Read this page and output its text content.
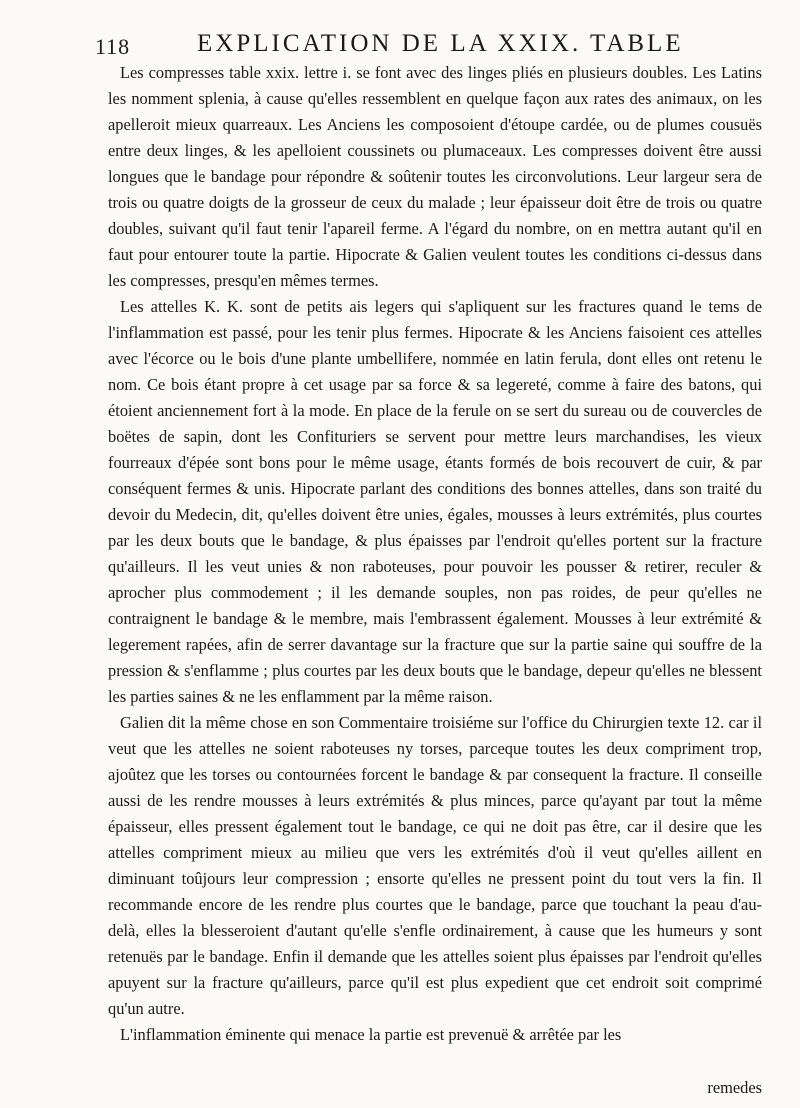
118	EXPLICATION DE LA XXIX. TABLE

Les compresses table xxix. lettre i. se font avec des linges pliés en plusieurs doubles. Les Latins les nomment splenia, à cause qu'elles ressemblent en quelque façon aux rates des animaux, on les apelleroit mieux quarreaux. Les Anciens les composoient d'étoupe cardée, ou de plumes cousuës entre deux linges, & les apelloient coussinets ou plumaceaux. Les compresses doivent être aussi longues que le bandage pour répondre & soûtenir toutes les circonvolutions. Leur largeur sera de trois ou quatre doigts de la grosseur de ceux du malade ; leur épaisseur doit être de trois ou quatre doubles, suivant qu'il faut tenir l'apareil ferme. A l'égard du nombre, on en mettra autant qu'il en faut pour entourer toute la partie. Hipocrate & Galien veulent toutes les conditions ci-dessus dans les compresses, presqu'en mêmes termes.

Les attelles K. K. sont de petits ais legers qui s'apliquent sur les fractures quand le tems de l'inflammation est passé, pour les tenir plus fermes. Hipocrate & les Anciens faisoient ces attelles avec l'écorce ou le bois d'une plante umbellifere, nommée en latin ferula, dont elles ont retenu le nom. Ce bois étant propre à cet usage par sa force & sa legereté, comme à faire des batons, qui étoient anciennement fort à la mode. En place de la ferule on se sert du sureau ou de couvercles de boëtes de sapin, dont les Confituriers se servent pour mettre leurs marchandises, les vieux fourreaux d'épée sont bons pour le même usage, étants formés de bois recouvert de cuir, & par conséquent fermes & unis. Hipocrate parlant des conditions des bonnes attelles, dans son traité du devoir du Medecin, dit, qu'elles doivent être unies, égales, mousses à leurs extrémités, plus courtes par les deux bouts que le bandage, & plus épaisses par l'endroit qu'elles portent sur la fracture qu'ailleurs. Il les veut unies & non raboteuses, pour pouvoir les pousser & retirer, reculer & aprocher plus commodement ; il les demande souples, non pas roides, de peur qu'elles ne contraignent le bandage & le membre, mais l'embrassent également. Mousses à leur extrémité & legerement rapées, afin de serrer davantage sur la fracture que sur la partie saine qui souffre de la pression & s'enflamme ; plus courtes par les deux bouts que le bandage, depeur qu'elles ne blessent les parties saines & ne les enflamment par la même raison.

Galien dit la même chose en son Commentaire troisiéme sur l'office du Chirurgien texte 12. car il veut que les attelles ne soient raboteuses ny torses, parceque toutes les deux compriment trop, ajoûtez que les torses ou contournées forcent le bandage & par consequent la fracture. Il conseille aussi de les rendre mousses à leurs extrémités & plus minces, parce qu'ayant par tout la même épaisseur, elles pressent également tout le bandage, ce qui ne doit pas être, car il desire que les attelles compriment mieux au milieu que vers les extrémités d'où il veut qu'elles aillent en diminuant toûjours leur compression ; ensorte qu'elles ne pressent point du tout vers la fin. Il recommande encore de les rendre plus courtes que le bandage, parce que touchant la peau d'au-delà, elles la blesseroient d'autant qu'elle s'enfle ordinairement, à cause que les humeurs y sont retenuës par le bandage. Enfin il demande que les attelles soient plus épaisses par l'endroit qu'elles apuyent sur la fracture qu'ailleurs, parce qu'il est plus expedient que cet endroit soit comprimé qu'un autre.

L'inflammation éminente qui menace la partie est prevenuë & arrêtée par les

remedes
